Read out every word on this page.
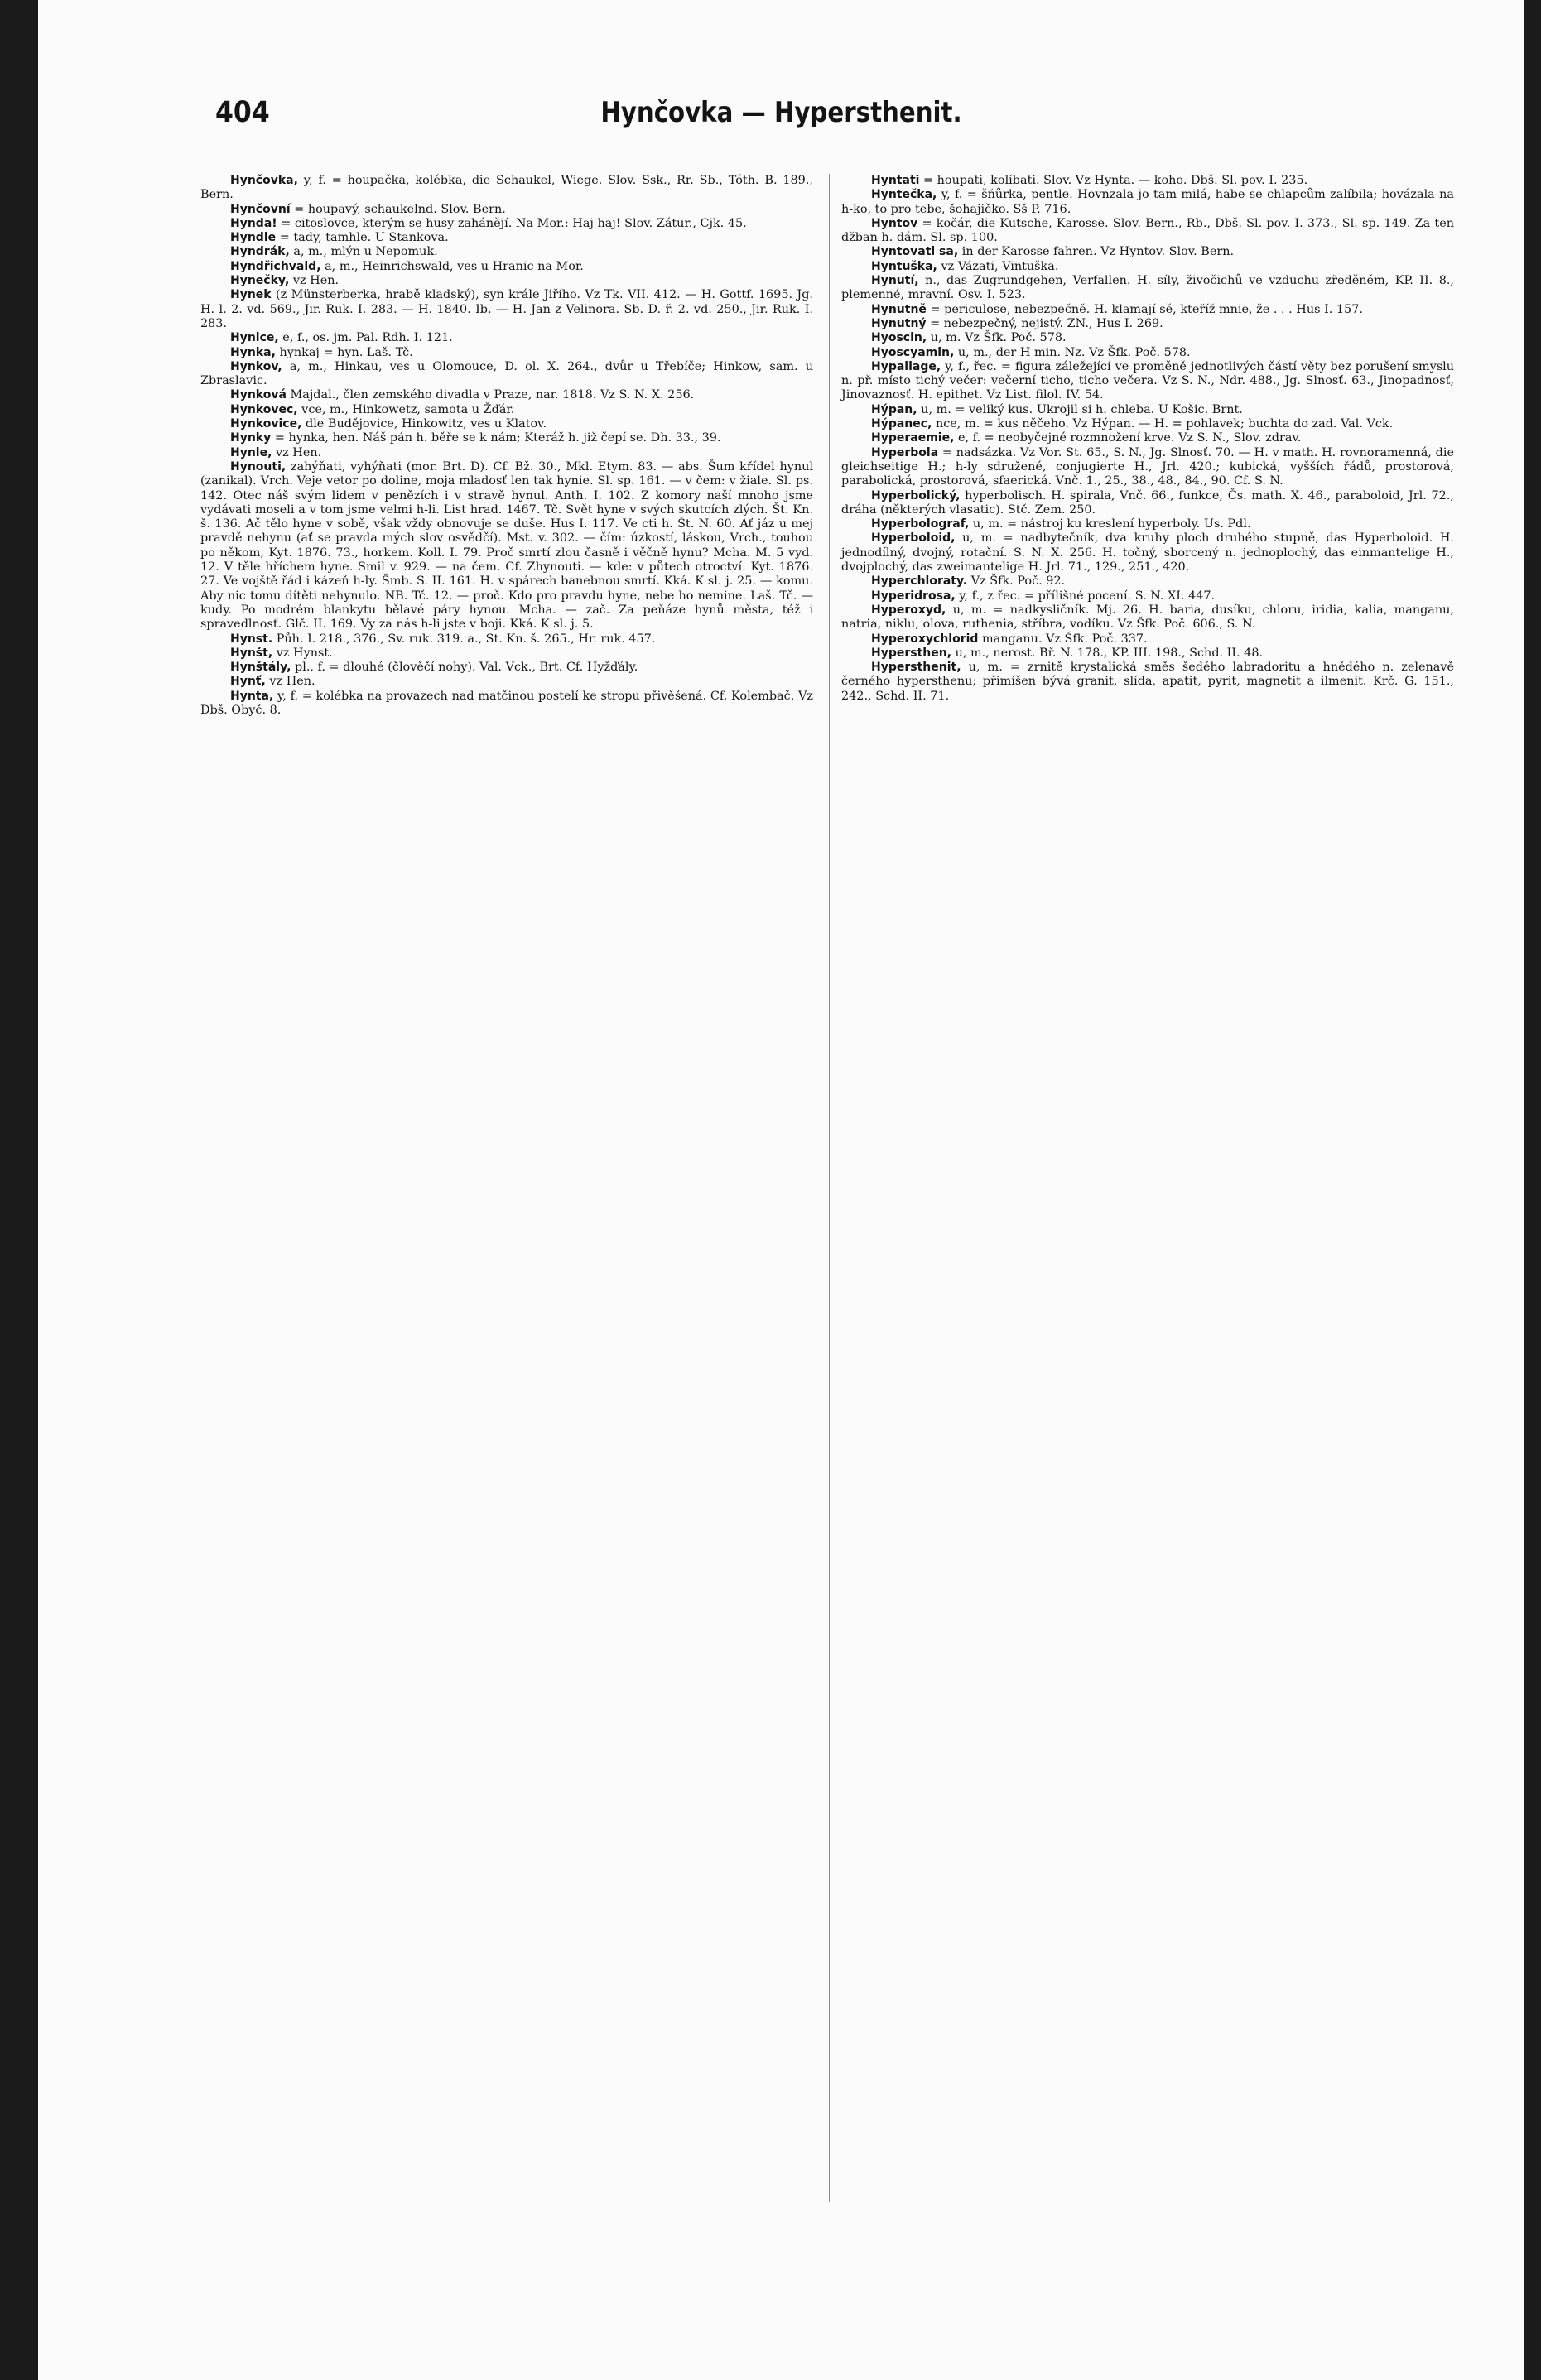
404	Hynčovka — Hypersthenit.

Hynčovka, y, f. = houpačka, kolébka, die Schaukel, Wiege. Slov. Ssk., Rr. Sb., Tóth. B. 189., Bern.

Hynčovní = houpavý, schaukelnd. Slov. Bern.

Hynda! = citoslovce, kterým se husy zahánějí. Na Mor.: Haj haj! Slov. Zátur., Cjk. 45.

Hyndle = tady, tamhle. U Stankova.

Hyndrák, a, m., mlýn u Nepomuk.

Hyndřichvald, a, m., Heinrichswald, ves u Hranic na Mor.

Hynečky, vz Hen.

Hynek (z Münsterberka, hrabě kladský), syn krále Jiřího. Vz Tk. VII. 412. — H. Gottf. 1695. Jg. H. l. 2. vd. 569., Jir. Ruk. I. 283. — H. 1840. Ib. — H. Jan z Velinora. Sb. D. ř. 2. vd. 250., Jir. Ruk. I. 283.

Hynice, e, f., os. jm. Pal. Rdh. I. 121.

Hynka, hynkaj = hyn. Laš. Tč.

Hynkov, a, m., Hinkau, ves u Olomouce, D. ol. X. 264., dvůr u Třebíče; Hinkow, sam. u Zbraslavic.

Hynková Majdal., člen zemského divadla v Praze, nar. 1818. Vz S. N. X. 256.

Hynkovec, vce, m., Hinkowetz, samota u Žďár.

Hynkovice, dle Budějovice, Hinkowitz, ves u Klatov.

Hynky = hynka, hen. Náš pán h. běře se k nám; Kteráž h. již čepí se. Dh. 33., 39.

Hynle, vz Hen.

Hynouti, zahýňati, vyhýňati (mor. Brt. D). Cf. Bž. 30., Mkl. Etym. 83. — abs. Šum křídel hynul (zanikal). Vrch. Veje vetor po doline, moja mladosť len tak hynie. Sl. sp. 161. — v čem: v žiale. Sl. ps. 142. Otec náš svým lidem v penězích i v stravě hynul. Anth. I. 102. Z komory naší mnoho jsme vydávati moseli a v tom jsme velmi h-li. List hrad. 1467. Tč. Svět hyne v svých skutcích zlých. Št. Kn. š. 136. Ač tělo hyne v sobě, však vždy obnovuje se duše. Hus I. 117. Ve cti h. Št. N. 60. Ať jáz u mej pravdě nehynu (ať se pravda mých slov osvědčí). Mst. v. 302. — čím: úzkostí, láskou, Vrch., touhou po někom, Kyt. 1876. 73., horkem. Koll. I. 79. Proč smrtí zlou časně i věčně hynu? Mcha. M. 5 vyd. 12. V těle hříchem hyne. Smil v. 929. — na čem. Cf. Zhynouti. — kde: v půtech otroctví. Kyt. 1876. 27. Ve vojště řád i kázeň h-ly. Šmb. S. II. 161. H. v spárech banebnou smrtí. Kká. K sl. j. 25. — komu. Aby nic tomu dítěti nehynulo. NB. Tč. 12. — proč. Kdo pro pravdu hyne, nebe ho nemine. Laš. Tč. — kudy. Po modrém blankytu bělavé páry hynou. Mcha. — zač. Za peňáze hynů města, též i spravedlnosť. Glč. II. 169. Vy za nás h-li jste v boji. Kká. K sl. j. 5.

Hynst. Půh. I. 218., 376., Sv. ruk. 319. a., St. Kn. š. 265., Hr. ruk. 457.

Hynšt, vz Hynst.

Hynštály, pl., f. = dlouhé (člověčí nohy). Val. Vck., Brt. Cf. Hyžďály.

Hynť, vz Hen.

Hynta, y, f. = kolébka na provazech nad matčinou postelí ke stropu přivěšená. Cf. Kolembač. Vz Dbš. Obyč. 8.

Hyntati = houpati, kolíbati. Slov. Vz Hynta. — koho. Dbš. Sl. pov. I. 235.

Hyntečka, y, f. = šňůrka, pentle. Hovnzala jo tam milá, habe se chlapcům zalíbila; hovázala na h-ko, to pro tebe, šohajičko. Sš P. 716.

Hyntov = kočár, die Kutsche, Karosse. Slov. Bern., Rb., Dbš. Sl. pov. I. 373., Sl. sp. 149. Za ten džban h. dám. Sl. sp. 100.

Hyntovati sa, in der Karosse fahren. Vz Hyntov. Slov. Bern.

Hyntuška, vz Vázati, Vintuška.

Hynutí, n., das Zugrundgehen, Verfallen. H. síly, živočichů ve vzduchu zředěném, KP. II. 8., plemenné, mravní. Osv. I. 523.

Hynutně = periculose, nebezpečně. H. klamají sě, kteříž mnie, že . . . Hus I. 157.

Hynutný = nebezpečný, nejistý. ZN., Hus I. 269.

Hyoscin, u, m. Vz Šfk. Poč. 578.

Hyoscyamin, u, m., der H min. Nz. Vz Šfk. Poč. 578.

Hypallage, y, f., řec. = figura záležející ve proměně jednotlivých částí věty bez porušení smyslu n. př. místo tichý večer: večerní ticho, ticho večera. Vz S. N., Ndr. 488., Jg. Slnosť. 63., Jinopadnosť, Jinovaznosť. H. epithet. Vz List. filol. IV. 54.

Hýpan, u, m. = veliký kus. Ukrojil si h. chleba. U Košic. Brnt.

Hýpanec, nce, m. = kus něčeho. Vz Hýpan. — H. = pohlavek; buchta do zad. Val. Vck.

Hyperaemie, e, f. = neobyčejné rozmnožení krve. Vz S. N., Slov. zdrav.

Hyperbola = nadsázka. Vz Vor. St. 65., S. N., Jg. Slnosť. 70. — H. v math. H. rovnoramenná, die gleichseitige H.; h-ly sdružené, conjugierte H., Jrl. 420.; kubická, vyšších řádů, prostorová, parabolická, prostorová, sfaerická. Vnč. 1., 25., 38., 48., 84., 90. Cf. S. N.

Hyperbolický, hyperbolisch. H. spirala, Vnč. 66., funkce, Čs. math. X. 46., paraboloid, Jrl. 72., dráha (některých vlasatic). Stč. Zem. 250.

Hyperbolograf, u, m. = nástroj ku kreslení hyperboly. Us. Pdl.

Hyperboloid, u, m. = nadbytečník, dva kruhy ploch druhého stupně, das Hyperboloid. H. jednodílný, dvojný, rotační. S. N. X. 256. H. točný, sborcený n. jednoplochý, das einmantelige H., dvojplochý, das zweimantelige H. Jrl. 71., 129., 251., 420.

Hyperchloraty. Vz Šfk. Poč. 92.

Hyperidrosa, y, f., z řec. = přílišné pocení. S. N. XI. 447.

Hyperoxyd, u, m. = nadkysličník. Mj. 26. H. baria, dusíku, chloru, iridia, kalia, manganu, natria, niklu, olova, ruthenia, stříbra, vodíku. Vz Šfk. Poč. 606., S. N.

Hyperoxychlorid manganu. Vz Šfk. Poč. 337.

Hypersthen, u, m., nerost. Bř. N. 178., KP. III. 198., Schd. II. 48.

Hypersthenit, u, m. = zrnitě krystalická směs šedého labradoritu a hnědého n. zelenavě černého hypersthenu; přimíšen bývá granit, slída, apatit, pyrit, magnetit a ilmenit. Krč. G. 151., 242., Schd. II. 71.
